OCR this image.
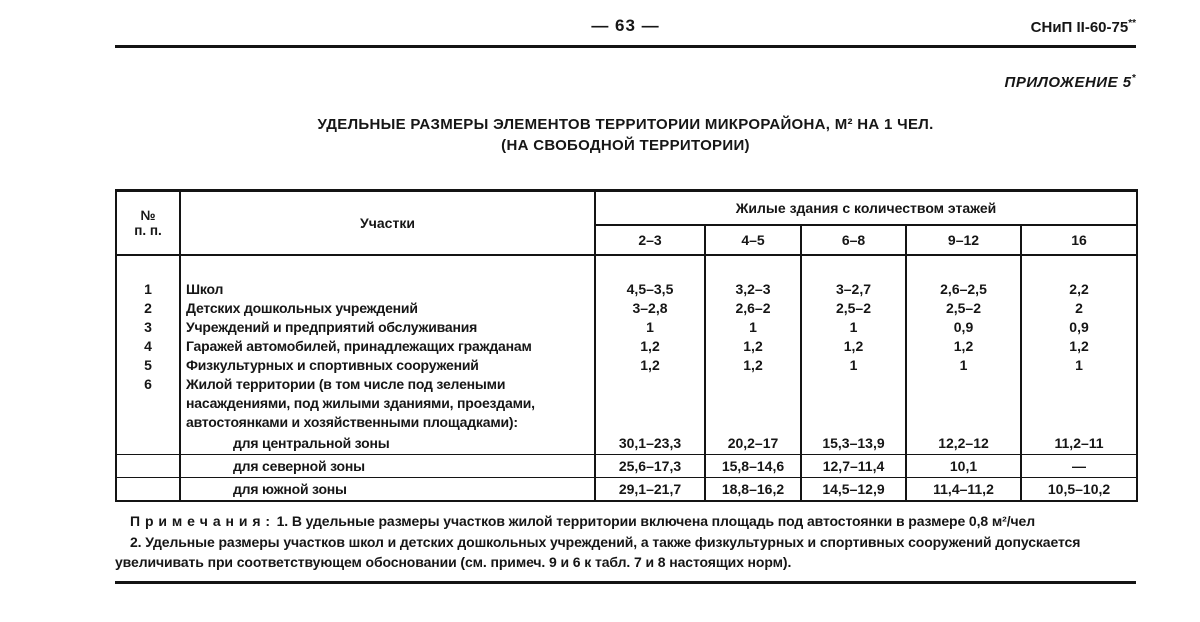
— 63 —	СНиП II-60-75**
ПРИЛОЖЕНИЕ 5*
УДЕЛЬНЫЕ РАЗМЕРЫ ЭЛЕМЕНТОВ ТЕРРИТОРИИ МИКРОРАЙОНА, М² НА 1 ЧЕЛ.
(НА СВОБОДНОЙ ТЕРРИТОРИИ)
№
п. п.	Участки	Жилые здания с количеством этажей				
		2–3	4–5	6–8	9–12	16
1	Школ	4,5–3,5	3,2–3	3–2,7	2,6–2,5	2,2
2	Детских дошкольных учреждений	3–2,8	2,6–2	2,5–2	2,5–2	2
3	Учреждений и предприятий обслуживания	1	1	1	0,9	0,9
4	Гаражей автомобилей, принадлежащих гражданам	1,2	1,2	1,2	1,2	1,2
5	Физкультурных и спортивных сооружений	1,2	1,2	1	1	1
6	Жилой территории (в том числе под зелеными насаждениями, под жилыми зданиями, проездами, автостоянками и хозяйственными площадками):					
	для центральной зоны	30,1–23,3	20,2–17	15,3–13,9	12,2–12	11,2–11
	для северной зоны	25,6–17,3	15,8–14,6	12,7–11,4	10,1	—
	для южной зоны	29,1–21,7	18,8–16,2	14,5–12,9	11,4–11,2	10,5–10,2

П р и м е ч а н и я : 1. В удельные размеры участков жилой территории включена площадь под автостоянки в размере 0,8 м²/чел

2. Удельные размеры участков школ и детских дошкольных учреждений, а также физкультурных и спортивных сооружений допускается увеличивать при соответствующем обосновании (см. примеч. 9 и 6 к табл. 7 и 8 настоящих норм).
